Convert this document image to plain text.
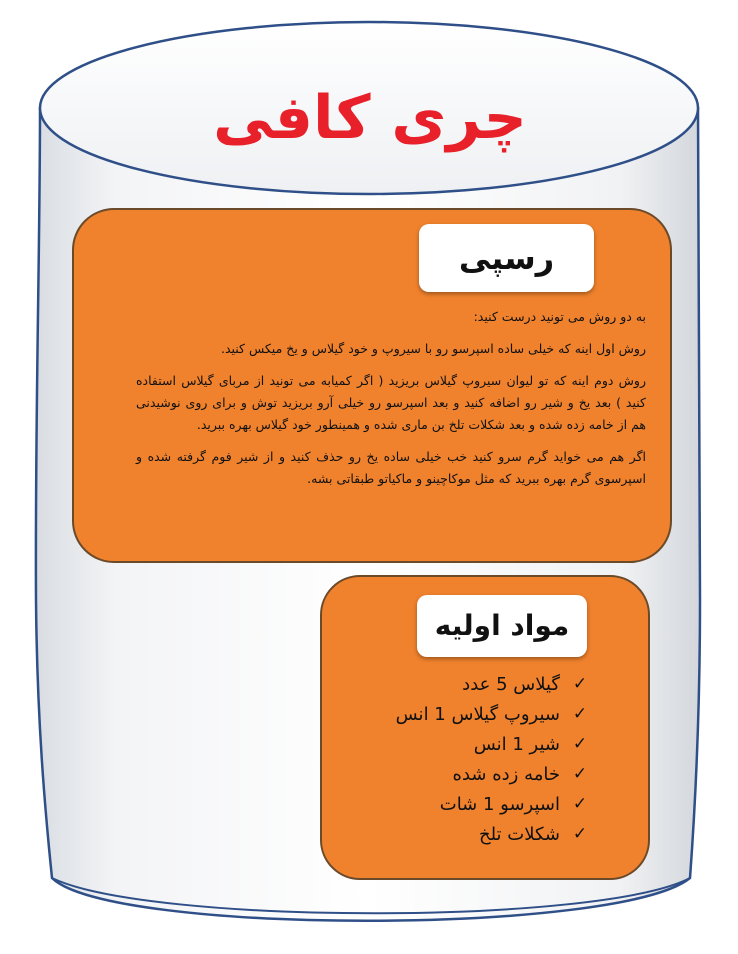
چری کافی
رسپی

به دو روش می تونید درست کنید:

روش اول اینه که خیلی ساده اسپرسو رو با سیروپ و خود گیلاس و یخ میکس کنید.

روش دوم اینه که تو لیوان سیروپ گیلاس بریزید ( اگر کمیابه می تونید از مربای گیلاس استفاده کنید ) بعد یخ و شیر رو اضافه کنید و بعد اسپرسو رو خیلی آرو بریزید توش و برای روی نوشیدنی هم از خامه زده شده و بعد شکلات تلخ بن ماری شده و همینطور خود گیلاس بهره ببرید.

اگر هم می خواید گرم سرو کنید خب خیلی ساده یخ رو حذف کنید و از شیر فوم گرفته شده و اسپرسوی گرم بهره ببرید که مثل موکاچینو و ماکیاتو طبقاتی بشه.

مواد اولیه
✓
گیلاس 5 عدد
✓
سیروپ گیلاس 1 انس
✓
شیر 1 انس
✓
خامه زده شده
✓
اسپرسو 1 شات
✓
شکلات تلخ
